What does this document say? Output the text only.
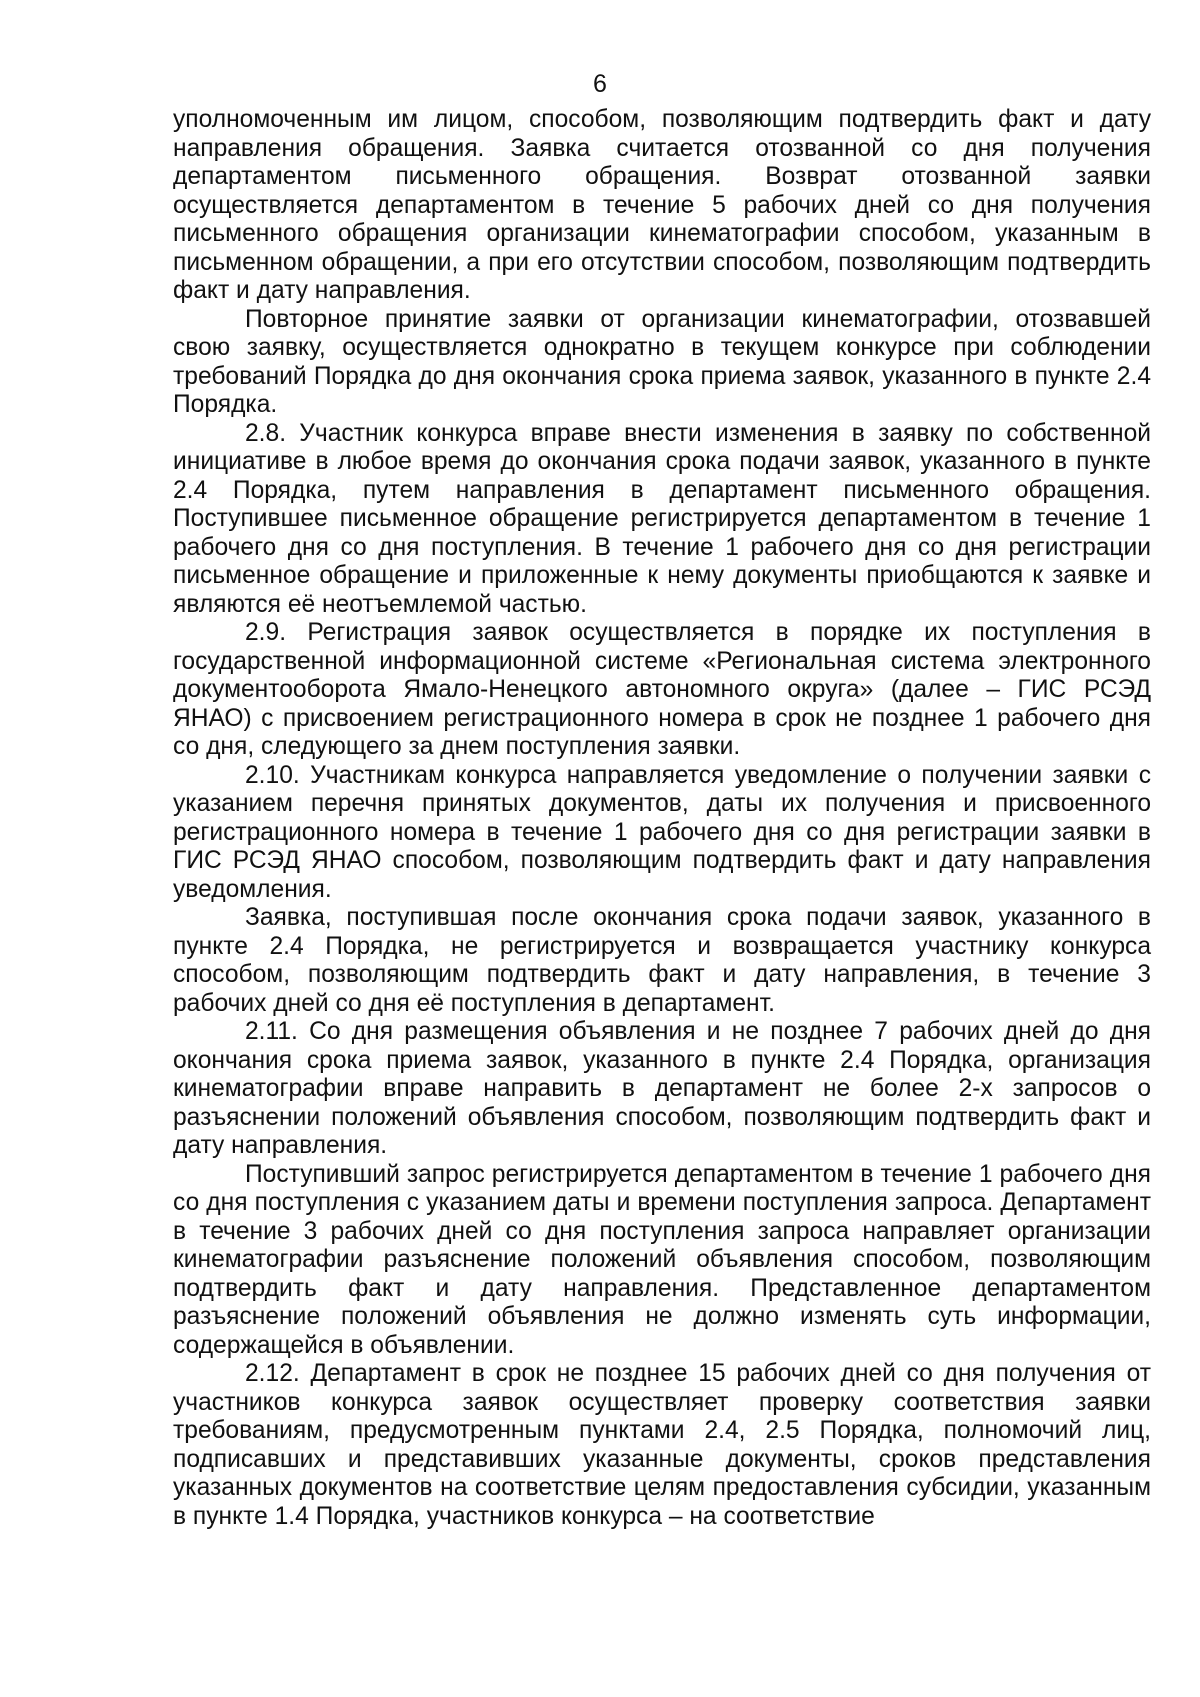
6

уполномоченным им лицом, способом, позволяющим подтвердить факт и дату направления обращения. Заявка считается отозванной со дня получения департаментом письменного обращения. Возврат отозванной заявки осуществляется департаментом в течение 5 рабочих дней со дня получения письменного обращения организации кинематографии способом, указанным в письменном обращении, а при его отсутствии способом, позволяющим подтвердить факт и дату направления.

Повторное принятие заявки от организации кинематографии, отозвавшей свою заявку, осуществляется однократно в текущем конкурсе при соблюдении требований Порядка до дня окончания срока приема заявок, указанного в пункте 2.4 Порядка.

2.8. Участник конкурса вправе внести изменения в заявку по собственной инициативе в любое время до окончания срока подачи заявок, указанного в пункте 2.4 Порядка, путем направления в департамент письменного обращения. Поступившее письменное обращение регистрируется департаментом в течение 1 рабочего дня со дня поступления. В течение 1 рабочего дня со дня регистрации письменное обращение и приложенные к нему документы приобщаются к заявке и являются её неотъемлемой частью.

2.9. Регистрация заявок осуществляется в порядке их поступления в государственной информационной системе «Региональная система электронного документооборота Ямало-Ненецкого автономного округа» (далее – ГИС РСЭД ЯНАО) с присвоением регистрационного номера в срок не позднее 1 рабочего дня со дня, следующего за днем поступления заявки.

2.10. Участникам конкурса направляется уведомление о получении заявки с указанием перечня принятых документов, даты их получения и присвоенного регистрационного номера в течение 1 рабочего дня со дня регистрации заявки в ГИС РСЭД ЯНАО способом, позволяющим подтвердить факт и дату направления уведомления.

Заявка, поступившая после окончания срока подачи заявок, указанного в пункте 2.4 Порядка, не регистрируется и возвращается участнику конкурса способом, позволяющим подтвердить факт и дату направления, в течение 3 рабочих дней со дня её поступления в департамент.

2.11. Со дня размещения объявления и не позднее 7 рабочих дней до дня окончания срока приема заявок, указанного в пункте 2.4 Порядка, организация кинематографии вправе направить в департамент не более 2-х запросов о разъяснении положений объявления способом, позволяющим подтвердить факт и дату направления.

Поступивший запрос регистрируется департаментом в течение 1 рабочего дня со дня поступления с указанием даты и времени поступления запроса. Департамент в течение 3 рабочих дней со дня поступления запроса направляет организации кинематографии разъяснение положений объявления способом, позволяющим подтвердить факт и дату направления. Представленное департаментом разъяснение положений объявления не должно изменять суть информации, содержащейся в объявлении.

2.12. Департамент в срок не позднее 15 рабочих дней со дня получения от участников конкурса заявок осуществляет проверку соответствия заявки требованиям, предусмотренным пунктами 2.4, 2.5 Порядка, полномочий лиц, подписавших и представивших указанные документы, сроков представления указанных документов на соответствие целям предоставления субсидии, указанным в пункте 1.4 Порядка, участников конкурса – на соответствие
